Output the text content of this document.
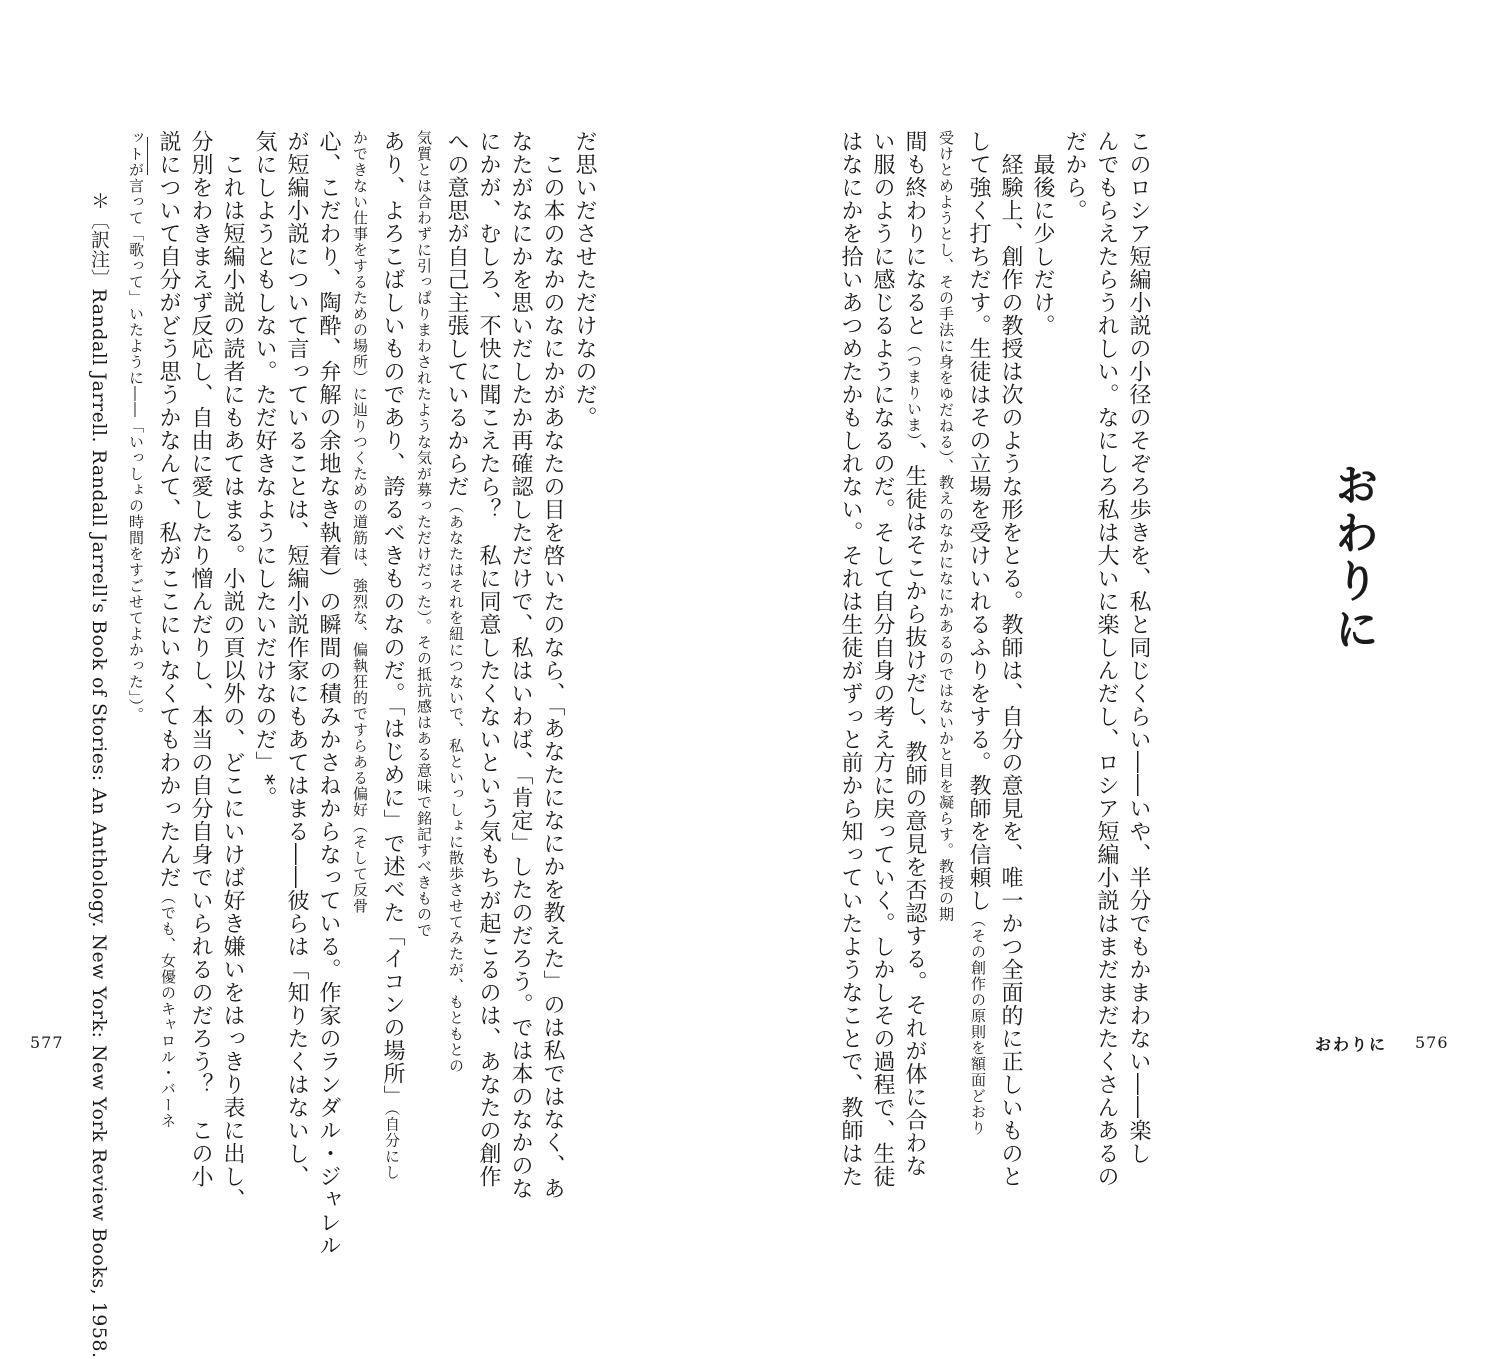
おわりに
このロシア短編小説の小径のそぞろ歩きを、私と同じくらい――いや、半分でもかまわない――楽し
んでもらえたらうれしい。なにしろ私は大いに楽しんだし、ロシア短編小説はまだまだたくさんあるの
だから。
　最後に少しだけ。
　経験上、創作の教授は次のような形をとる。教師は、自分の意見を、唯一かつ全面的に正しいものと
して強く打ちだす。生徒はその立場を受けいれるふりをする。教師を信頼し（その創作の原則を額面どおり
受けとめようとし、その手法に身をゆだねる）、教えのなかになにかあるのではないかと目を凝らす。教授の期
間も終わりになると（つまりいま）、生徒はそこから抜けだし、教師の意見を否認する。それが体に合わな
い服のように感じるようになるのだ。そして自分自身の考え方に戻っていく。しかしその過程で、生徒
はなにかを拾いあつめたかもしれない。それは生徒がずっと前から知っていたようなことで、教師はた	おわりに 576
だ思いださせただけなのだ。
　この本のなかのなにかがあなたの目を啓いたのなら、「あなたになにかを教えた」のは私ではなく、あ
なたがなにかを思いだしたか再確認しただけで、私はいわば、「肯定」したのだろう。では本のなかのな
にかが、むしろ、不快に聞こえたら？　私に同意したくないという気もちが起こるのは、あなたの創作
への意思が自己主張しているからだ（あなたはそれを紐につないで、私といっしょに散歩させてみたが、もともとの
気質とは合わずに引っぱりまわされたような気が募っただけだった）。その抵抗感はある意味で銘記すべきもので
あり、よろこばしいものであり、誇るべきものなのだ。「はじめに」で述べた「イコンの場所」（自分にし
かできない仕事をするための場所）に辿りつくための道筋は、強烈な、偏執狂的ですらある偏好（そして反骨
心、こだわり、陶酔、弁解の余地なき執着）の瞬間の積みかさねからなっている。作家のランダル・ジャレル
が短編小説について言っていることは、短編小説作家にもあてはまる――彼らは「知りたくはないし、
気にしようともしない。ただ好きなようにしたいだけなのだ」*。
　これは短編小説の読者にもあてはまる。小説の頁以外の、どこにいけば好き嫌いをはっきり表に出し、
分別をわきまえず反応し、自由に愛したり憎んだりし、本当の自分自身でいられるのだろう？　この小
説について自分がどう思うかなんて、私がここにいなくてもわかったんだ（でも、女優のキャロル・バーネ
ットが言って「歌って」いたように――「いっしょの時間をすごせてよかった」）。
＊〔訳注〕Randall Jarrell. Randall Jarrell's Book of Stories: An Anthology. New York: New York Review Books, 1958.
577
